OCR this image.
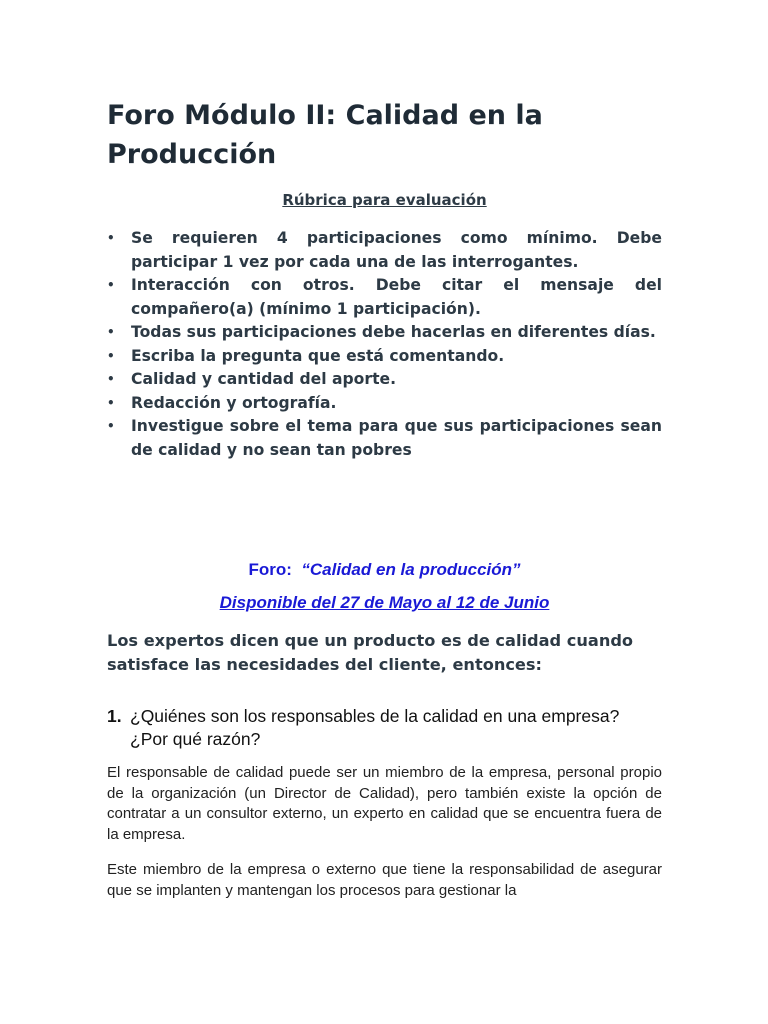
Foro Módulo II: Calidad en la Producción
Rúbrica para evaluación
• Se requieren 4 participaciones como mínimo. Debe participar 1 vez por cada una de las interrogantes.
• Interacción con otros. Debe citar el mensaje del compañero(a) (mínimo 1 participación).
• Todas sus participaciones debe hacerlas en diferentes días.
• Escriba la pregunta que está comentando.
• Calidad y cantidad del aporte.
• Redacción y ortografía.
• Investigue sobre el tema para que sus participaciones sean de calidad y no sean tan pobres
Foro: “Calidad en la producción”
Disponible del 27 de Mayo al 12 de Junio
Los expertos dicen que un producto es de calidad cuando satisface las necesidades del cliente, entonces:
1. ¿Quiénes son los responsables de la calidad en una empresa? ¿Por qué razón?

El responsable de calidad puede ser un miembro de la empresa, personal propio de la organización (un Director de Calidad), pero también existe la opción de contratar a un consultor externo, un experto en calidad que se encuentra fuera de la empresa.

Este miembro de la empresa o externo que tiene la responsabilidad de asegurar que se implanten y mantengan los procesos para gestionar la
